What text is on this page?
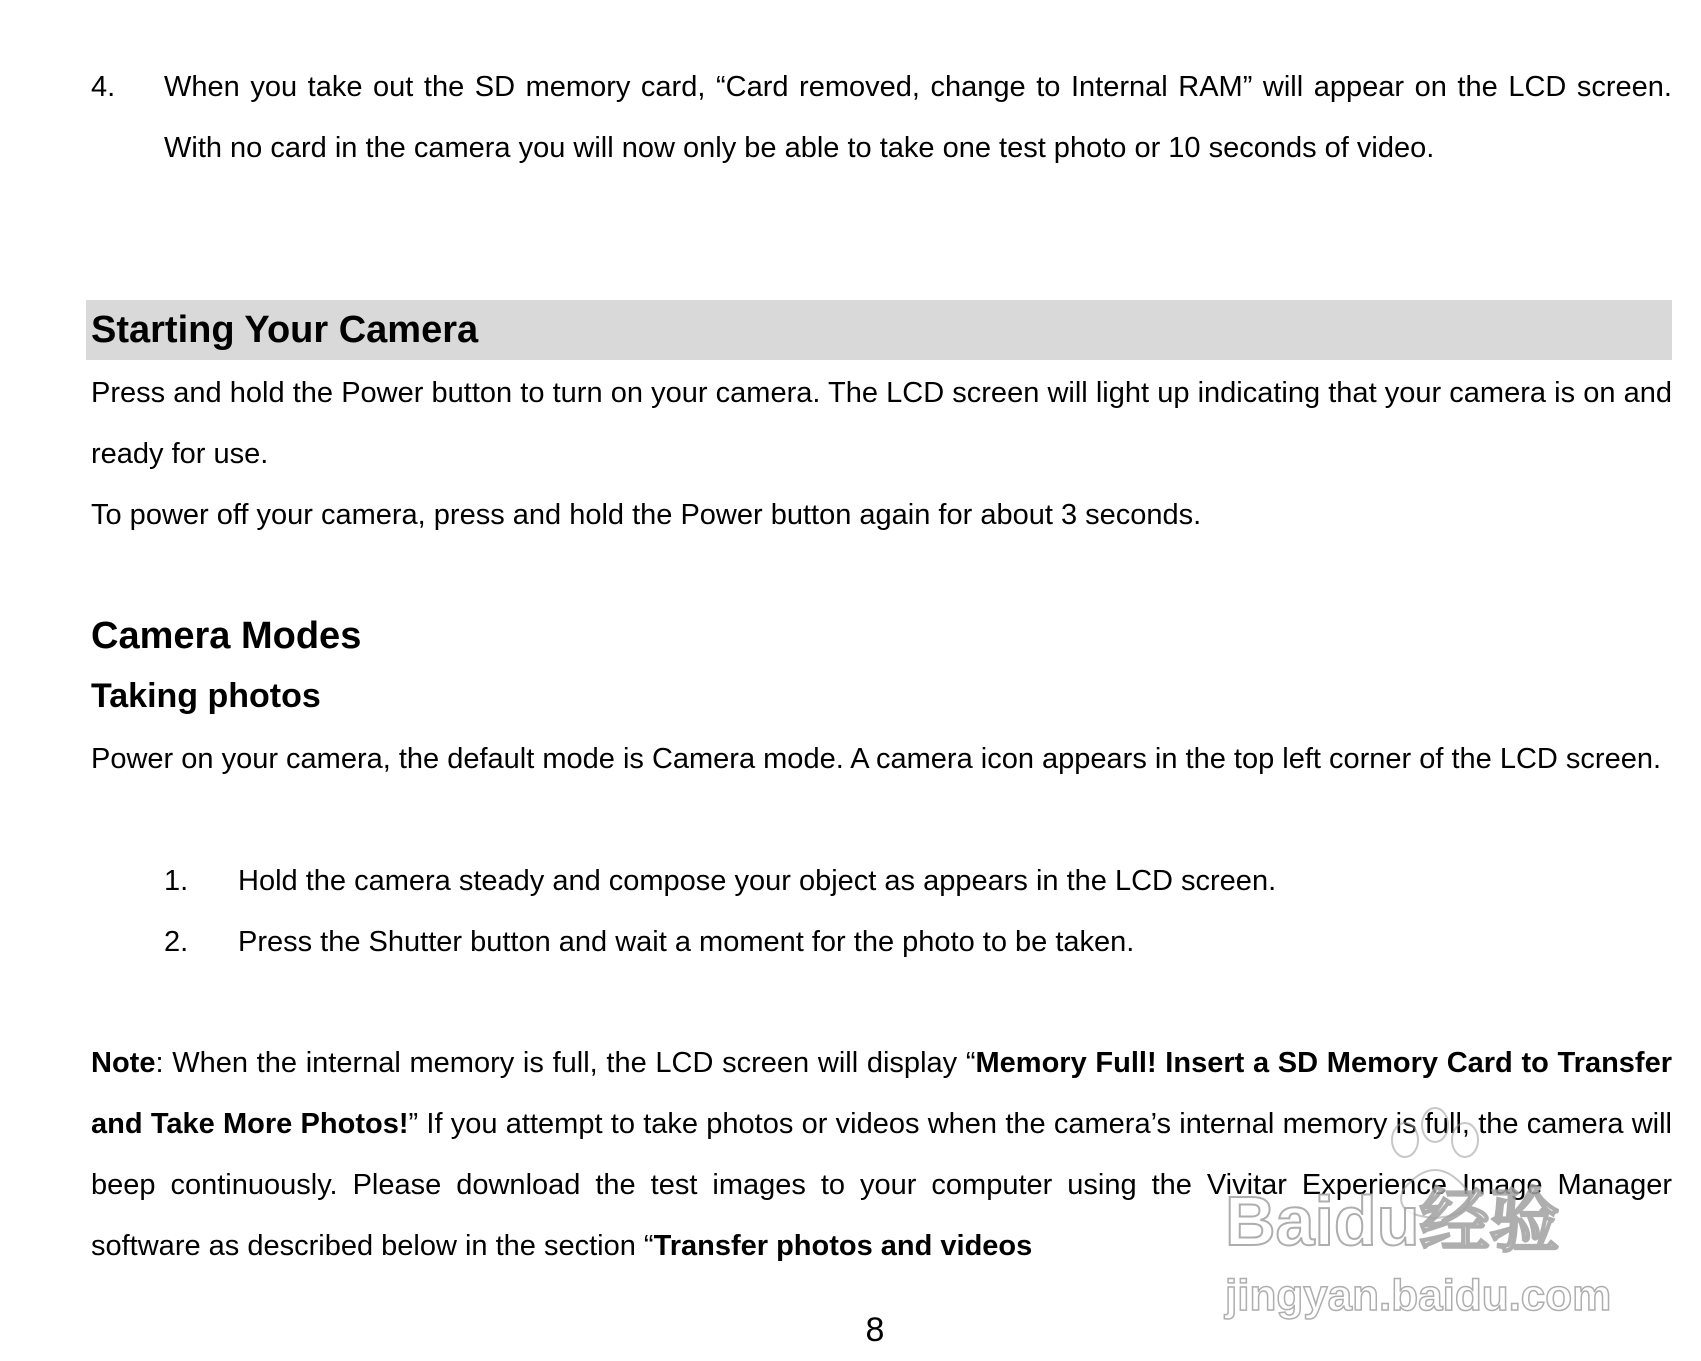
4. When you take out the SD memory card, “Card removed, change to Internal RAM” will appear on the LCD screen. With no card in the camera you will now only be able to take one test photo or 10 seconds of video.

Starting Your Camera

Press and hold the Power button to turn on your camera. The LCD screen will light up indicating that your camera is on and ready for use.

To power off your camera, press and hold the Power button again for about 3 seconds.

Camera Modes
Taking photos

Power on your camera, the default mode is Camera mode. A camera icon appears in the top left corner of the LCD screen.

1. Hold the camera steady and compose your object as appears in the LCD screen.

2. Press the Shutter button and wait a moment for the photo to be taken.

Note: When the internal memory is full, the LCD screen will display “Memory Full! Insert a SD Memory Card to Transfer and Take More Photos!” If you attempt to take photos or videos when the camera’s internal memory is full, the camera will beep continuously. Please download the test images to your computer using the Vivitar Experience Image Manager software as described below in the section “Transfer photos and videos

8
Baidu经验
jingyan.baidu.com
